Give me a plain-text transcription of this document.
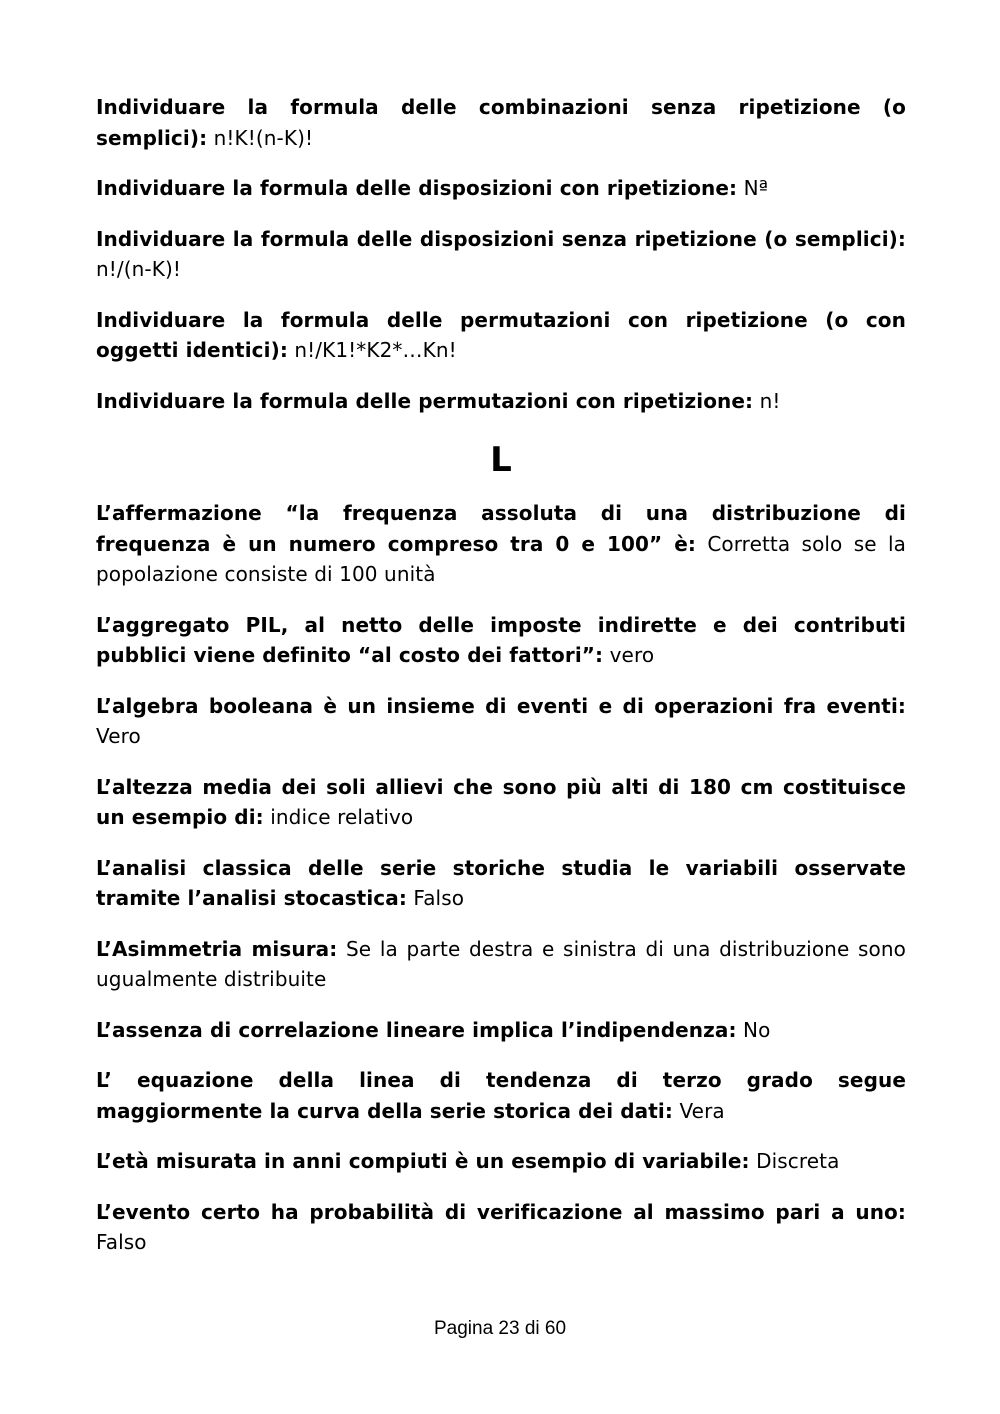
Individuare la formula delle combinazioni senza ripetizione (o semplici): n!K!(n-K)!

Individuare la formula delle disposizioni con ripetizione: Nª

Individuare la formula delle disposizioni senza ripetizione (o semplici): n!/(n-K)!

Individuare la formula delle permutazioni con ripetizione (o con oggetti identici): n!/K1!*K2*…Kn!

Individuare la formula delle permutazioni con ripetizione: n!

L

L’affermazione “la frequenza assoluta di una distribuzione di frequenza è un numero compreso tra 0 e 100” è: Corretta solo se la popolazione consiste di 100 unità

L’aggregato PIL, al netto delle imposte indirette e dei contributi pubblici viene definito “al costo dei fattori”: vero

L’algebra booleana è un insieme di eventi e di operazioni fra eventi: Vero

L’altezza media dei soli allievi che sono più alti di 180 cm costituisce un esempio di: indice relativo

L’analisi classica delle serie storiche studia le variabili osservate tramite l’analisi stocastica: Falso

L’Asimmetria misura: Se la parte destra e sinistra di una distribuzione sono ugualmente distribuite

L’assenza di correlazione lineare implica l’indipendenza: No

L’ equazione della linea di tendenza di terzo grado segue maggiormente la curva della serie storica dei dati: Vera

L’età misurata in anni compiuti è un esempio di variabile: Discreta

L’evento certo ha probabilità di verificazione al massimo pari a uno: Falso

Pagina 23 di 60
